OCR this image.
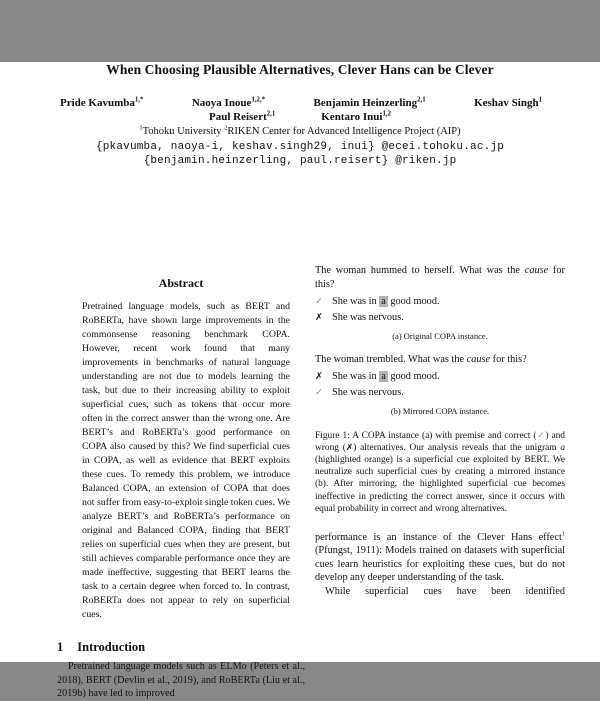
When Choosing Plausible Alternatives, Clever Hans can be Clever
Pride Kavumba$^{1,*}$	Naoya Inoue$^{1,2,*}$	Benjamin Heinzerling$^{2,1}$	Keshav Singh$^1$
Paul Reisert$^{2,1}$	Kentaro Inui$^{1,2}$
$^1$Tohoku University $^2$RIKEN Center for Advanced Intelligence Project (AIP)
{pkavumba, naoya-i, keshav.singh29, inui} @ecei.tohoku.ac.jp
{benjamin.heinzerling, paul.reisert} @riken.jp
Abstract

Pretrained language models, such as BERT and RoBERTa, have shown large improvements in the commonsense reasoning benchmark COPA. However, recent work found that many improvements in benchmarks of natural language understanding are not due to models learning the task, but due to their increasing ability to exploit superficial cues, such as tokens that occur more often in the correct answer than the wrong one. Are BERT’s and RoBERTa’s good performance on COPA also caused by this? We find superficial cues in COPA, as well as evidence that BERT exploits these cues. To remedy this problem, we introduce Balanced COPA, an extension of COPA that does not suffer from easy-to-exploit single token cues. We analyze BERT’s and RoBERTa’s performance on original and Balanced COPA, finding that BERT relies on superficial cues when they are present, but still achieves comparable performance once they are made ineffective, suggesting that BERT learns the task to a certain degree when forced to. In contrast, RoBERTa does not appear to rely on superficial cues.

1 Introduction

Pretrained language models such as ELMo (Peters et al., 2018), BERT (Devlin et al., 2019), and RoBERTa (Liu et al., 2019b) have led to improved

The woman hummed to herself. What was the cause for this?

✓ She was in a good mood.
✗ She was nervous.
(a) Original COPA instance.

The woman trembled. What was the cause for this?

✗ She was in a good mood.
✓ She was nervous.
(b) Mirrored COPA instance.

Figure 1: A COPA instance (a) with premise and correct (✓) and wrong (✗) alternatives. Our analysis reveals that the unigram a (highlighted orange) is a superficial cue exploited by BERT. We neutralize such superficial cues by creating a mirrored instance (b). After mirroring, the highlighted superficial cue becomes ineffective in predicting the correct answer, since it occurs with equal probability in correct and wrong alternatives.

performance is an instance of the Clever Hans effect$^1$ (Pfungst, 1911): Models trained on datasets with superficial cues learn heuristics for exploiting these cues, but do not develop any deeper understanding of the task.

While superficial cues have been identified
